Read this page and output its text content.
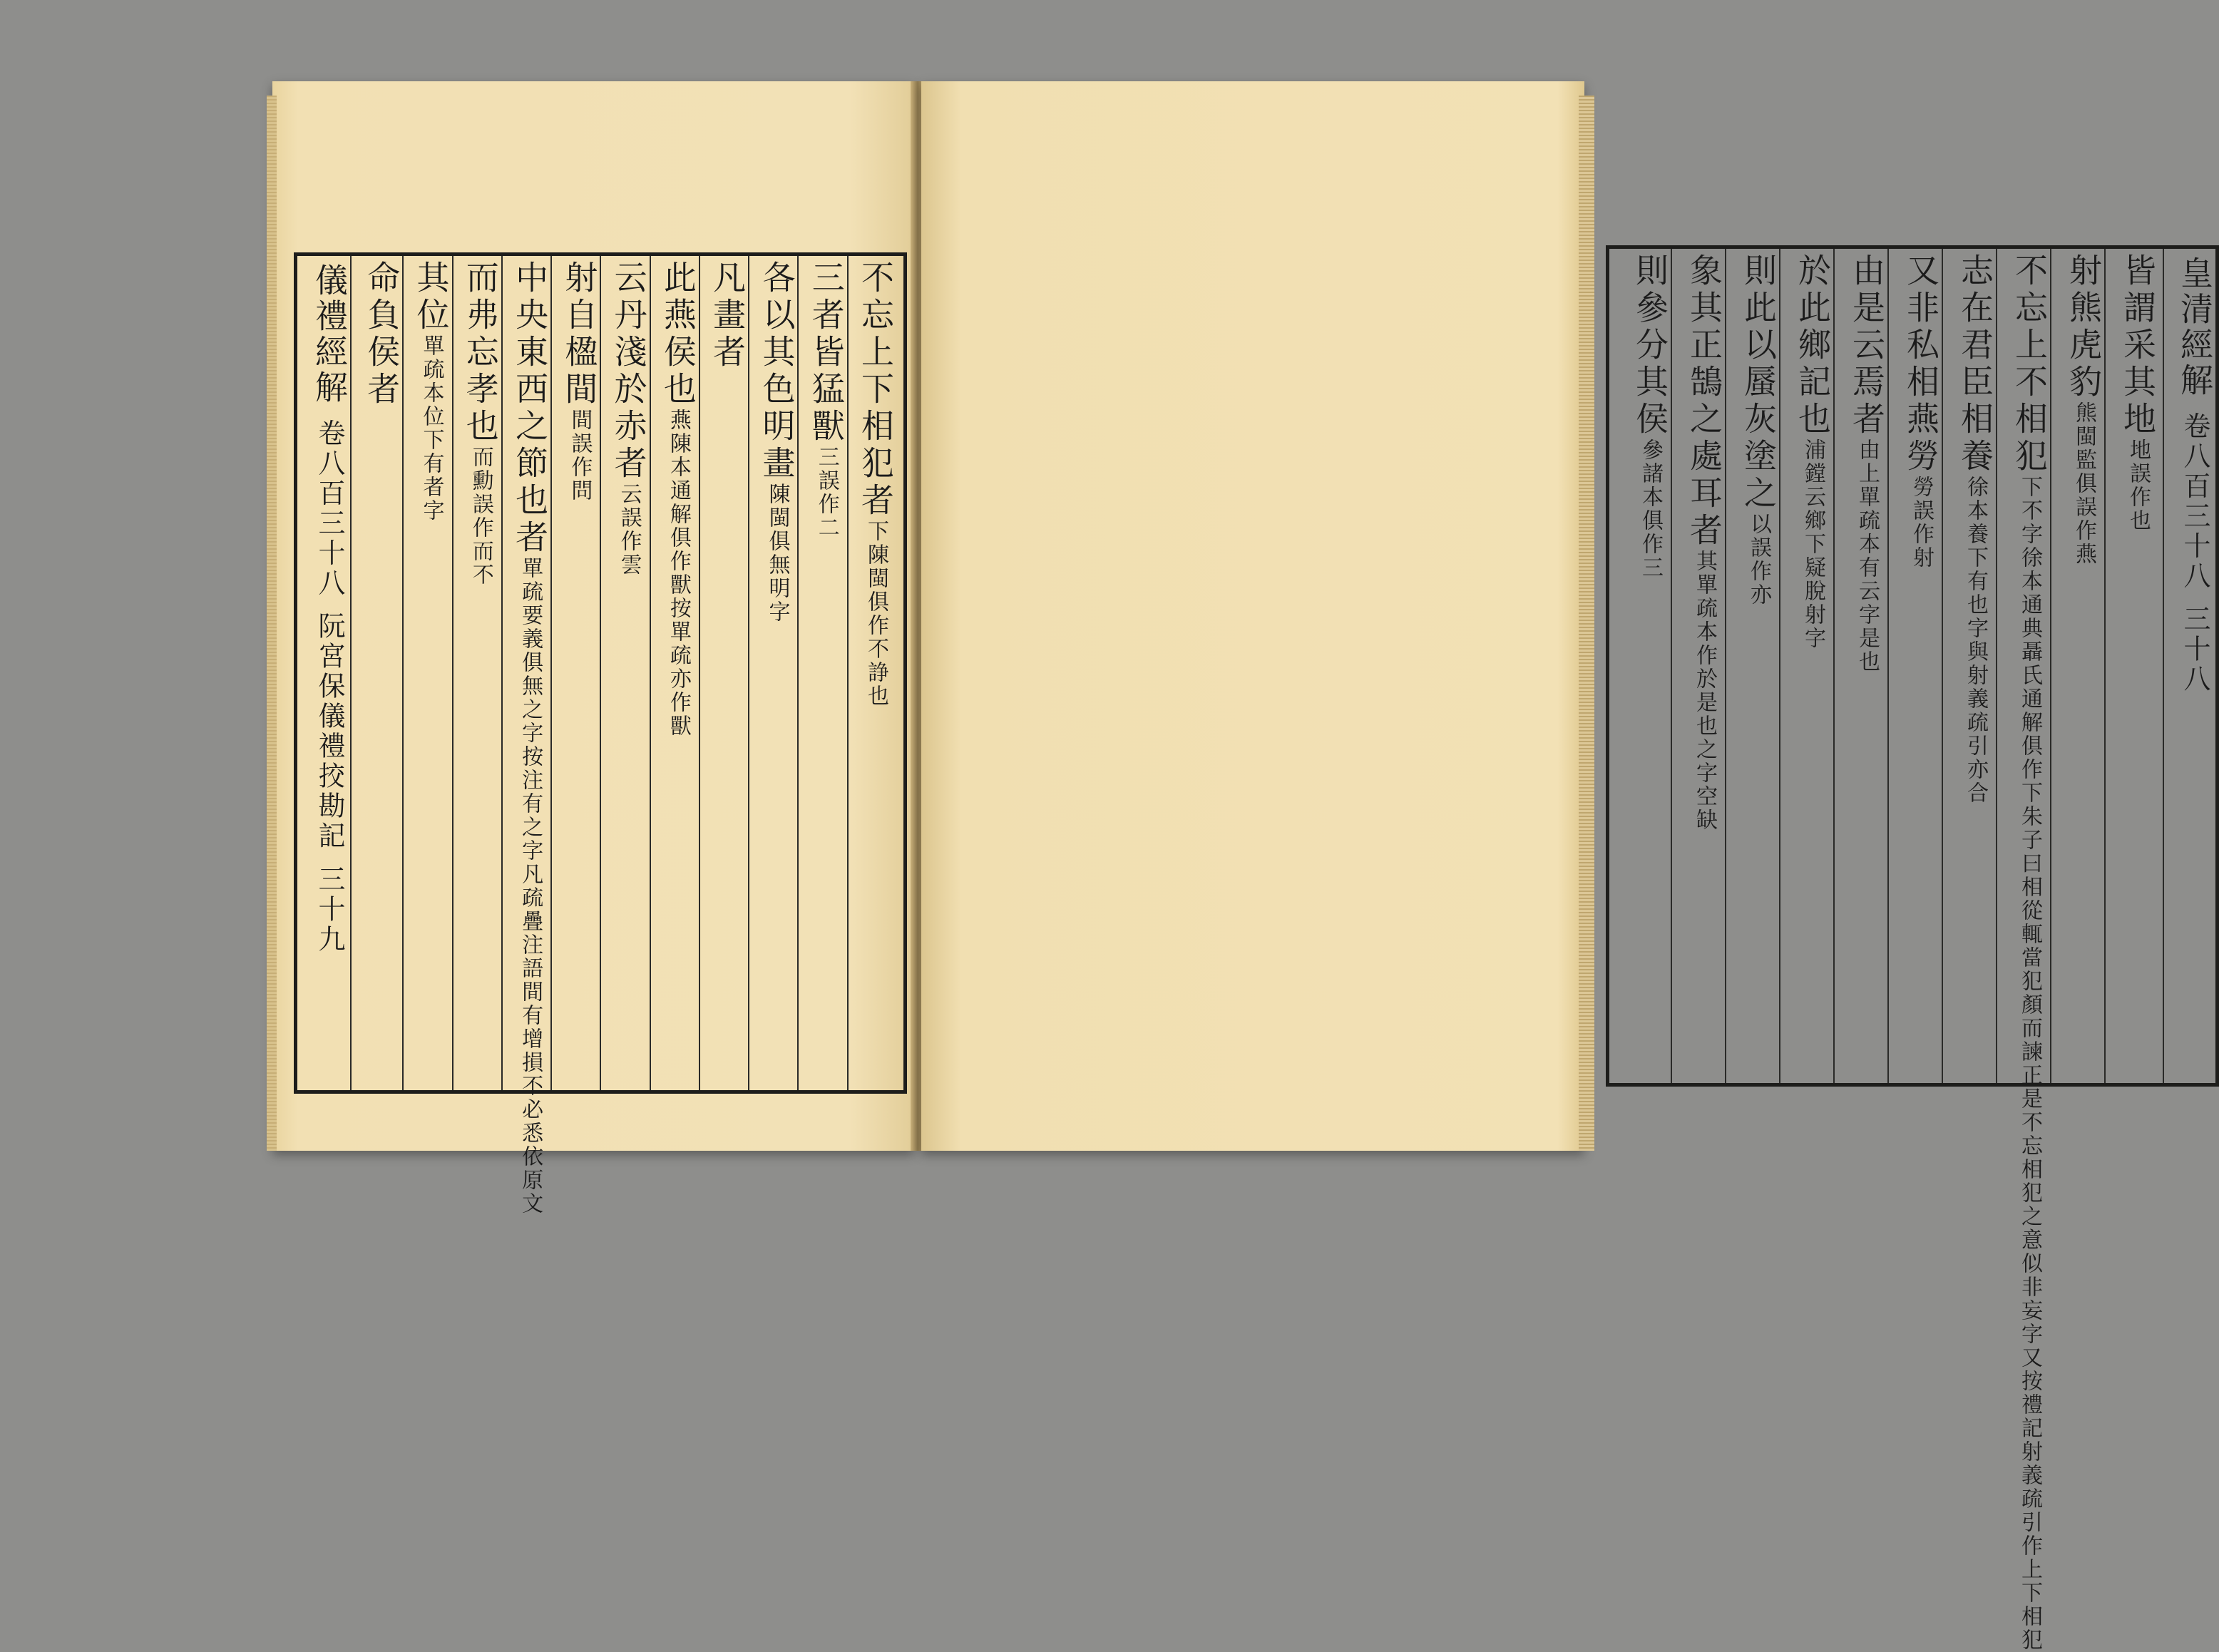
儀禮經解 卷八百三十八 阮宮保儀禮挍勘記 三十九
不忘上下相犯者下陳閩俱作不諍也
三者皆猛獸三誤作二
各以其色明畫陳閩俱無明字
凡畫者
此燕侯也燕陳本通解俱作獸按單疏亦作獸
云丹淺於赤者云誤作雲
射自楹間間誤作問
中央東西之節也者單疏要義俱無之字按注有之字凡疏疊注語間有增損不必悉依原文
而弗忘孝也而勳誤作而不
其位單疏本位下有者字
命負侯者	皇清經解 卷八百三十八 三十八
皆謂采其地地誤作也
射熊虎豹熊閩監俱誤作燕
不忘上不相犯下不字徐本通典聶氏通解俱作下朱子曰相從輒當犯顏而諫正是不忘相犯之意似非妄字又按禮記射義疏引作上下相犯
志在君臣相養徐本養下有也字與射義疏引亦合
又非私相燕勞勞誤作射
由是云焉者由上單疏本有云字是也
於此鄉記也浦鏜云鄉下疑脫射字
則此以蜃灰塗之以誤作亦
象其正鵠之處耳者其單疏本作於是也之字空缺
則參分其侯參諸本俱作三
